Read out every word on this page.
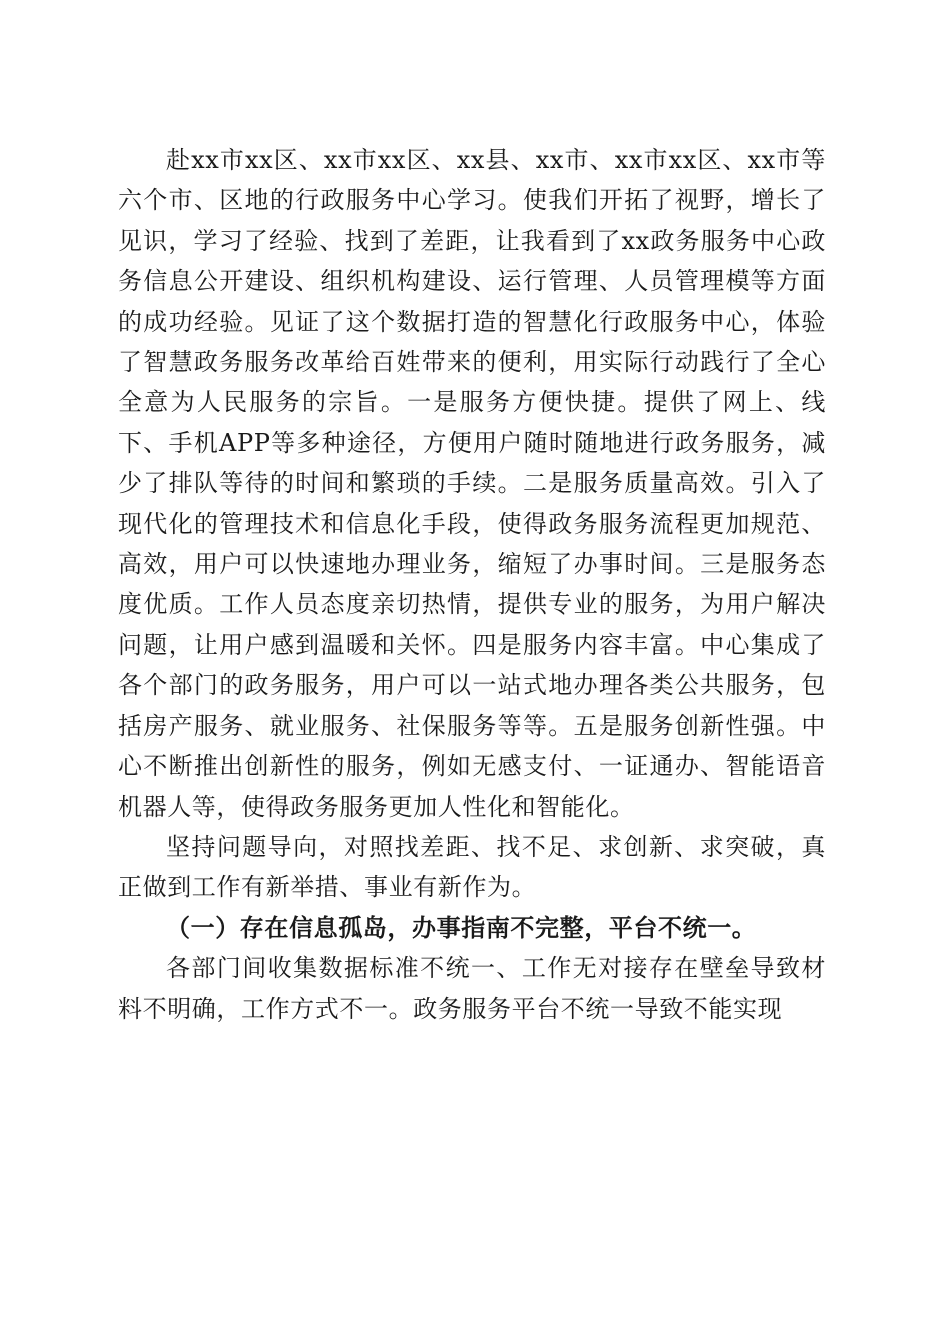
赴xx市xx区、xx市xx区、xx县、xx市、xx市xx区、xx市等六个市、区地的行政服务中心学习。使我们开拓了视野，增长了见识，学习了经验、找到了差距，让我看到了xx政务服务中心政务信息公开建设、组织机构建设、运行管理、人员管理模等方面的成功经验。见证了这个数据打造的智慧化行政服务中心，体验了智慧政务服务改革给百姓带来的便利，用实际行动践行了全心全意为人民服务的宗旨。一是服务方便快捷。提供了网上、线下、手机APP等多种途径，方便用户随时随地进行政务服务，减少了排队等待的时间和繁琐的手续。二是服务质量高效。引入了现代化的管理技术和信息化手段，使得政务服务流程更加规范、高效，用户可以快速地办理业务，缩短了办事时间。三是服务态度优质。工作人员态度亲切热情，提供专业的服务，为用户解决问题，让用户感到温暖和关怀。四是服务内容丰富。中心集成了各个部门的政务服务，用户可以一站式地办理各类公共服务，包括房产服务、就业服务、社保服务等等。五是服务创新性强。中心不断推出创新性的服务，例如无感支付、一证通办、智能语音机器人等，使得政务服务更加人性化和智能化。

坚持问题导向，对照找差距、找不足、求创新、求突破，真正做到工作有新举措、事业有新作为。

（一）存在信息孤岛，办事指南不完整，平台不统一。

各部门间收集数据标准不统一、工作无对接存在壁垒导致材料不明确，工作方式不一。政务服务平台不统一导致不能实现
